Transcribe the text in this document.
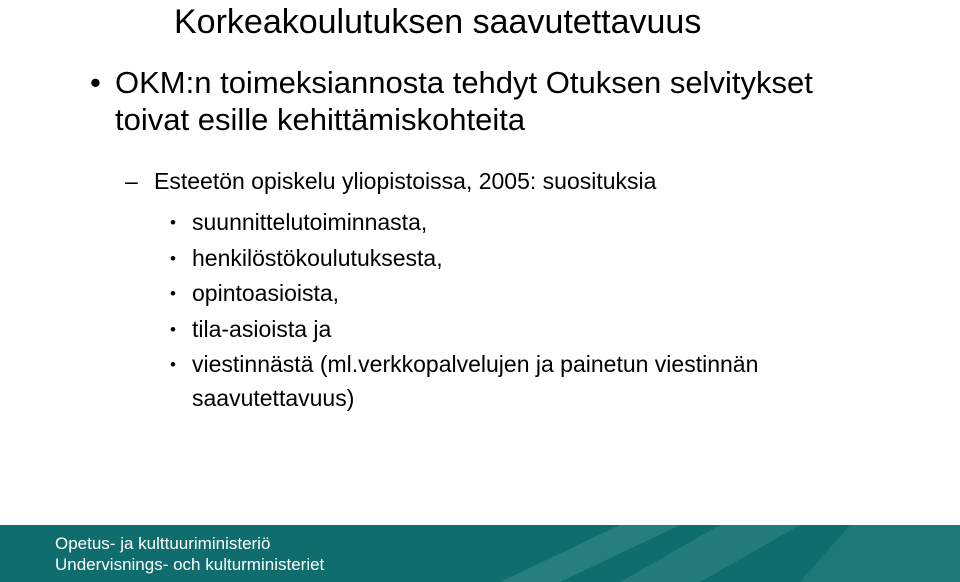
Korkeakoulutuksen saavutettavuus
• OKM:n toimeksiannosta tehdyt Otuksen selvitykset toivat esille kehittämiskohteita
– Esteetön opiskelu yliopistoissa, 2005: suosituksia
• suunnittelutoiminnasta,
• henkilöstökoulutuksesta,
• opintoasioista,
• tila-asioista ja
• viestinnästä (ml.verkkopalvelujen ja painetun viestinnän saavutettavuus)
Opetus- ja kulttuuriministeriö
Undervisnings- och kulturministeriet
